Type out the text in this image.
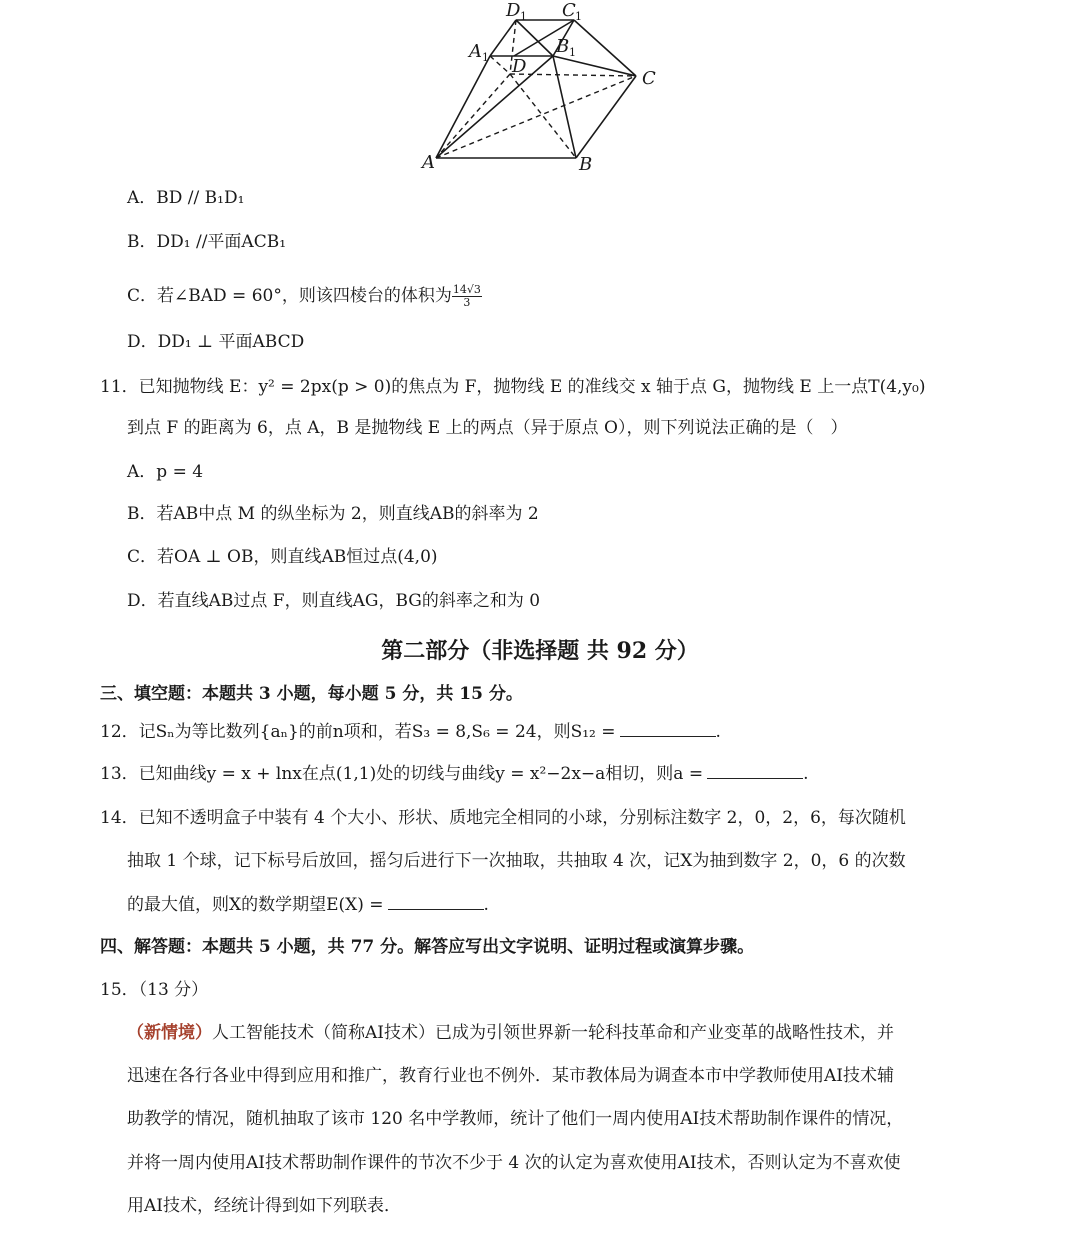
D 1 C 1
A 1
B 1
D
C
A	B
A．BD // B₁D₁
B．DD₁ //平面ACB₁
C．若∠BAD = 60°，则该四棱台的体积为 $\frac{14√3}{3}$
D．DD₁ ⊥ 平面ABCD
11．已知抛物线 E：y² = 2px(p > 0)的焦点为 F，抛物线 E 的准线交 x 轴于点 G，抛物线 E 上一点T(4,y₀)
到点 F 的距离为 6，点 A，B 是抛物线 E 上的两点（异于原点 O），则下列说法正确的是（　）
A．p = 4
B．若AB中点 M 的纵坐标为 2，则直线AB的斜率为 2
C．若OA ⊥ OB，则直线AB恒过点(4,0)
D．若直线AB过点 F，则直线AG，BG的斜率之和为 0
第二部分（非选择题 共 92 分）
三、填空题：本题共 3 小题，每小题 5 分，共 15 分。
12．记Sₙ为等比数列{aₙ}的前n项和，若S₃ = 8,S₆ = 24，则S₁₂ =	.
13．已知曲线y = x + lnx在点(1,1)处的切线与曲线y = x²−2x−a相切，则a =	.
14．已知不透明盒子中装有 4 个大小、形状、质地完全相同的小球，分别标注数字 2，0，2，6，每次随机
抽取 1 个球，记下标号后放回，摇匀后进行下一次抽取，共抽取 4 次，记X为抽到数字 2，0，6 的次数
的最大值，则X的数学期望E(X) =	.
四、解答题：本题共 5 小题，共 77 分。解答应写出文字说明、证明过程或演算步骤。
15．（13 分）
（新情境）人工智能技术（简称AI技术）已成为引领世界新一轮科技革命和产业变革的战略性技术，并
迅速在各行各业中得到应用和推广，教育行业也不例外．某市教体局为调查本市中学教师使用AI技术辅
助教学的情况，随机抽取了该市 120 名中学教师，统计了他们一周内使用AI技术帮助制作课件的情况，
并将一周内使用AI技术帮助制作课件的节次不少于 4 次的认定为喜欢使用AI技术，否则认定为不喜欢使
用AI技术，经统计得到如下列联表．
